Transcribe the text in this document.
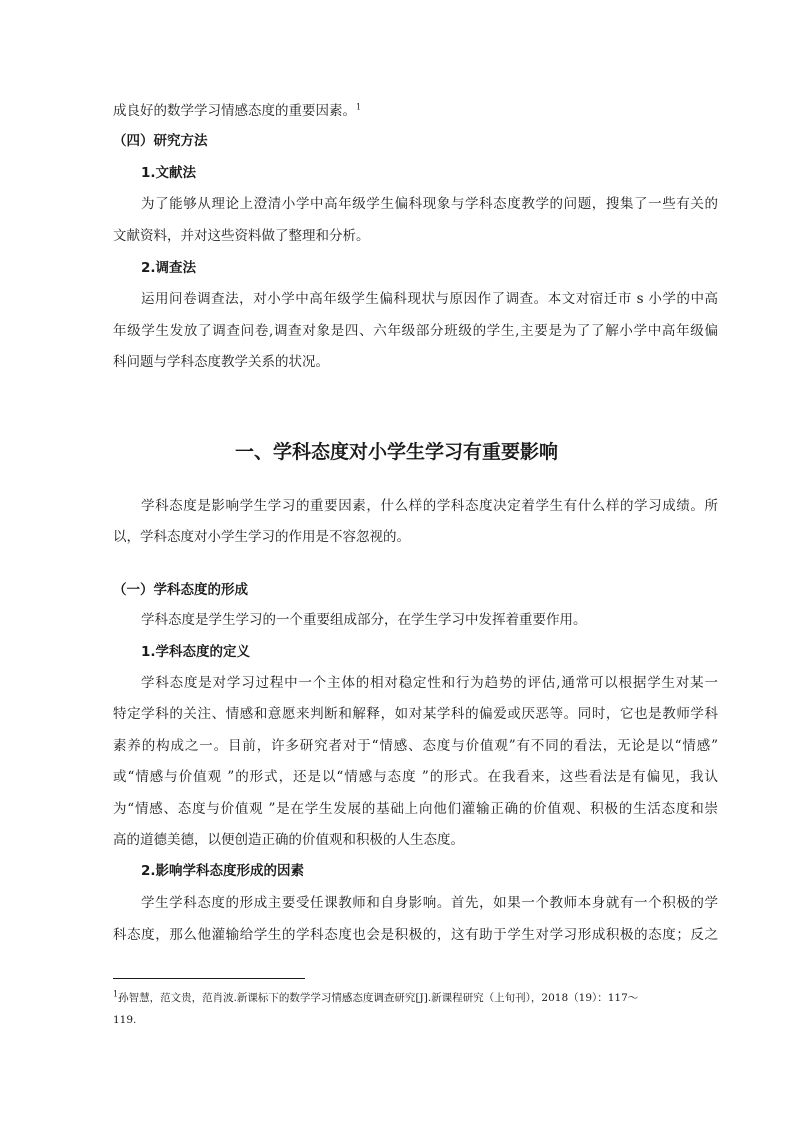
成良好的数学学习情感态度的重要因素。$^1$
（四）研究方法
1.文献法
为了能够从理论上澄清小学中高年级学生偏科现象与学科态度教学的问题，搜集了一些有关的
文献资料，并对这些资料做了整理和分析。
2.调查法
运用问卷调查法，对小学中高年级学生偏科现状与原因作了调查。本文对宿迁市 s 小学的中高
年级学生发放了调查问卷,调查对象是四、六年级部分班级的学生,主要是为了了解小学中高年级偏
科问题与学科态度教学关系的状况。
一、学科态度对小学生学习有重要影响
学科态度是影响学生学习的重要因素，什么样的学科态度决定着学生有什么样的学习成绩。所
以，学科态度对小学生学习的作用是不容忽视的。
（一）学科态度的形成
学科态度是学生学习的一个重要组成部分，在学生学习中发挥着重要作用。
1.学科态度的定义
学科态度是对学习过程中一个主体的相对稳定性和行为趋势的评估,通常可以根据学生对某一
特定学科的关注、情感和意愿来判断和解释，如对某学科的偏爱或厌恶等。同时，它也是教师学科
素养的构成之一。目前，许多研究者对于“情感、态度与价值观”有不同的看法，无论是以“情感”
或“情感与价值观 ”的形式，还是以“情感与态度 ”的形式。在我看来，这些看法是有偏见，我认
为“情感、态度与价值观 ”是在学生发展的基础上向他们灌输正确的价值观、积极的生活态度和崇
高的道德美德，以便创造正确的价值观和积极的人生态度。
2.影响学科态度形成的因素
学生学科态度的形成主要受任课教师和自身影响。首先，如果一个教师本身就有一个积极的学
科态度，那么他灌输给学生的学科态度也会是积极的，这有助于学生对学习形成积极的态度；反之
$^1$孙智慧，范文贵，范肖波.新课标下的数学学习情感态度调查研究[J].新课程研究（上旬刊），2018（19）：117～
119.
